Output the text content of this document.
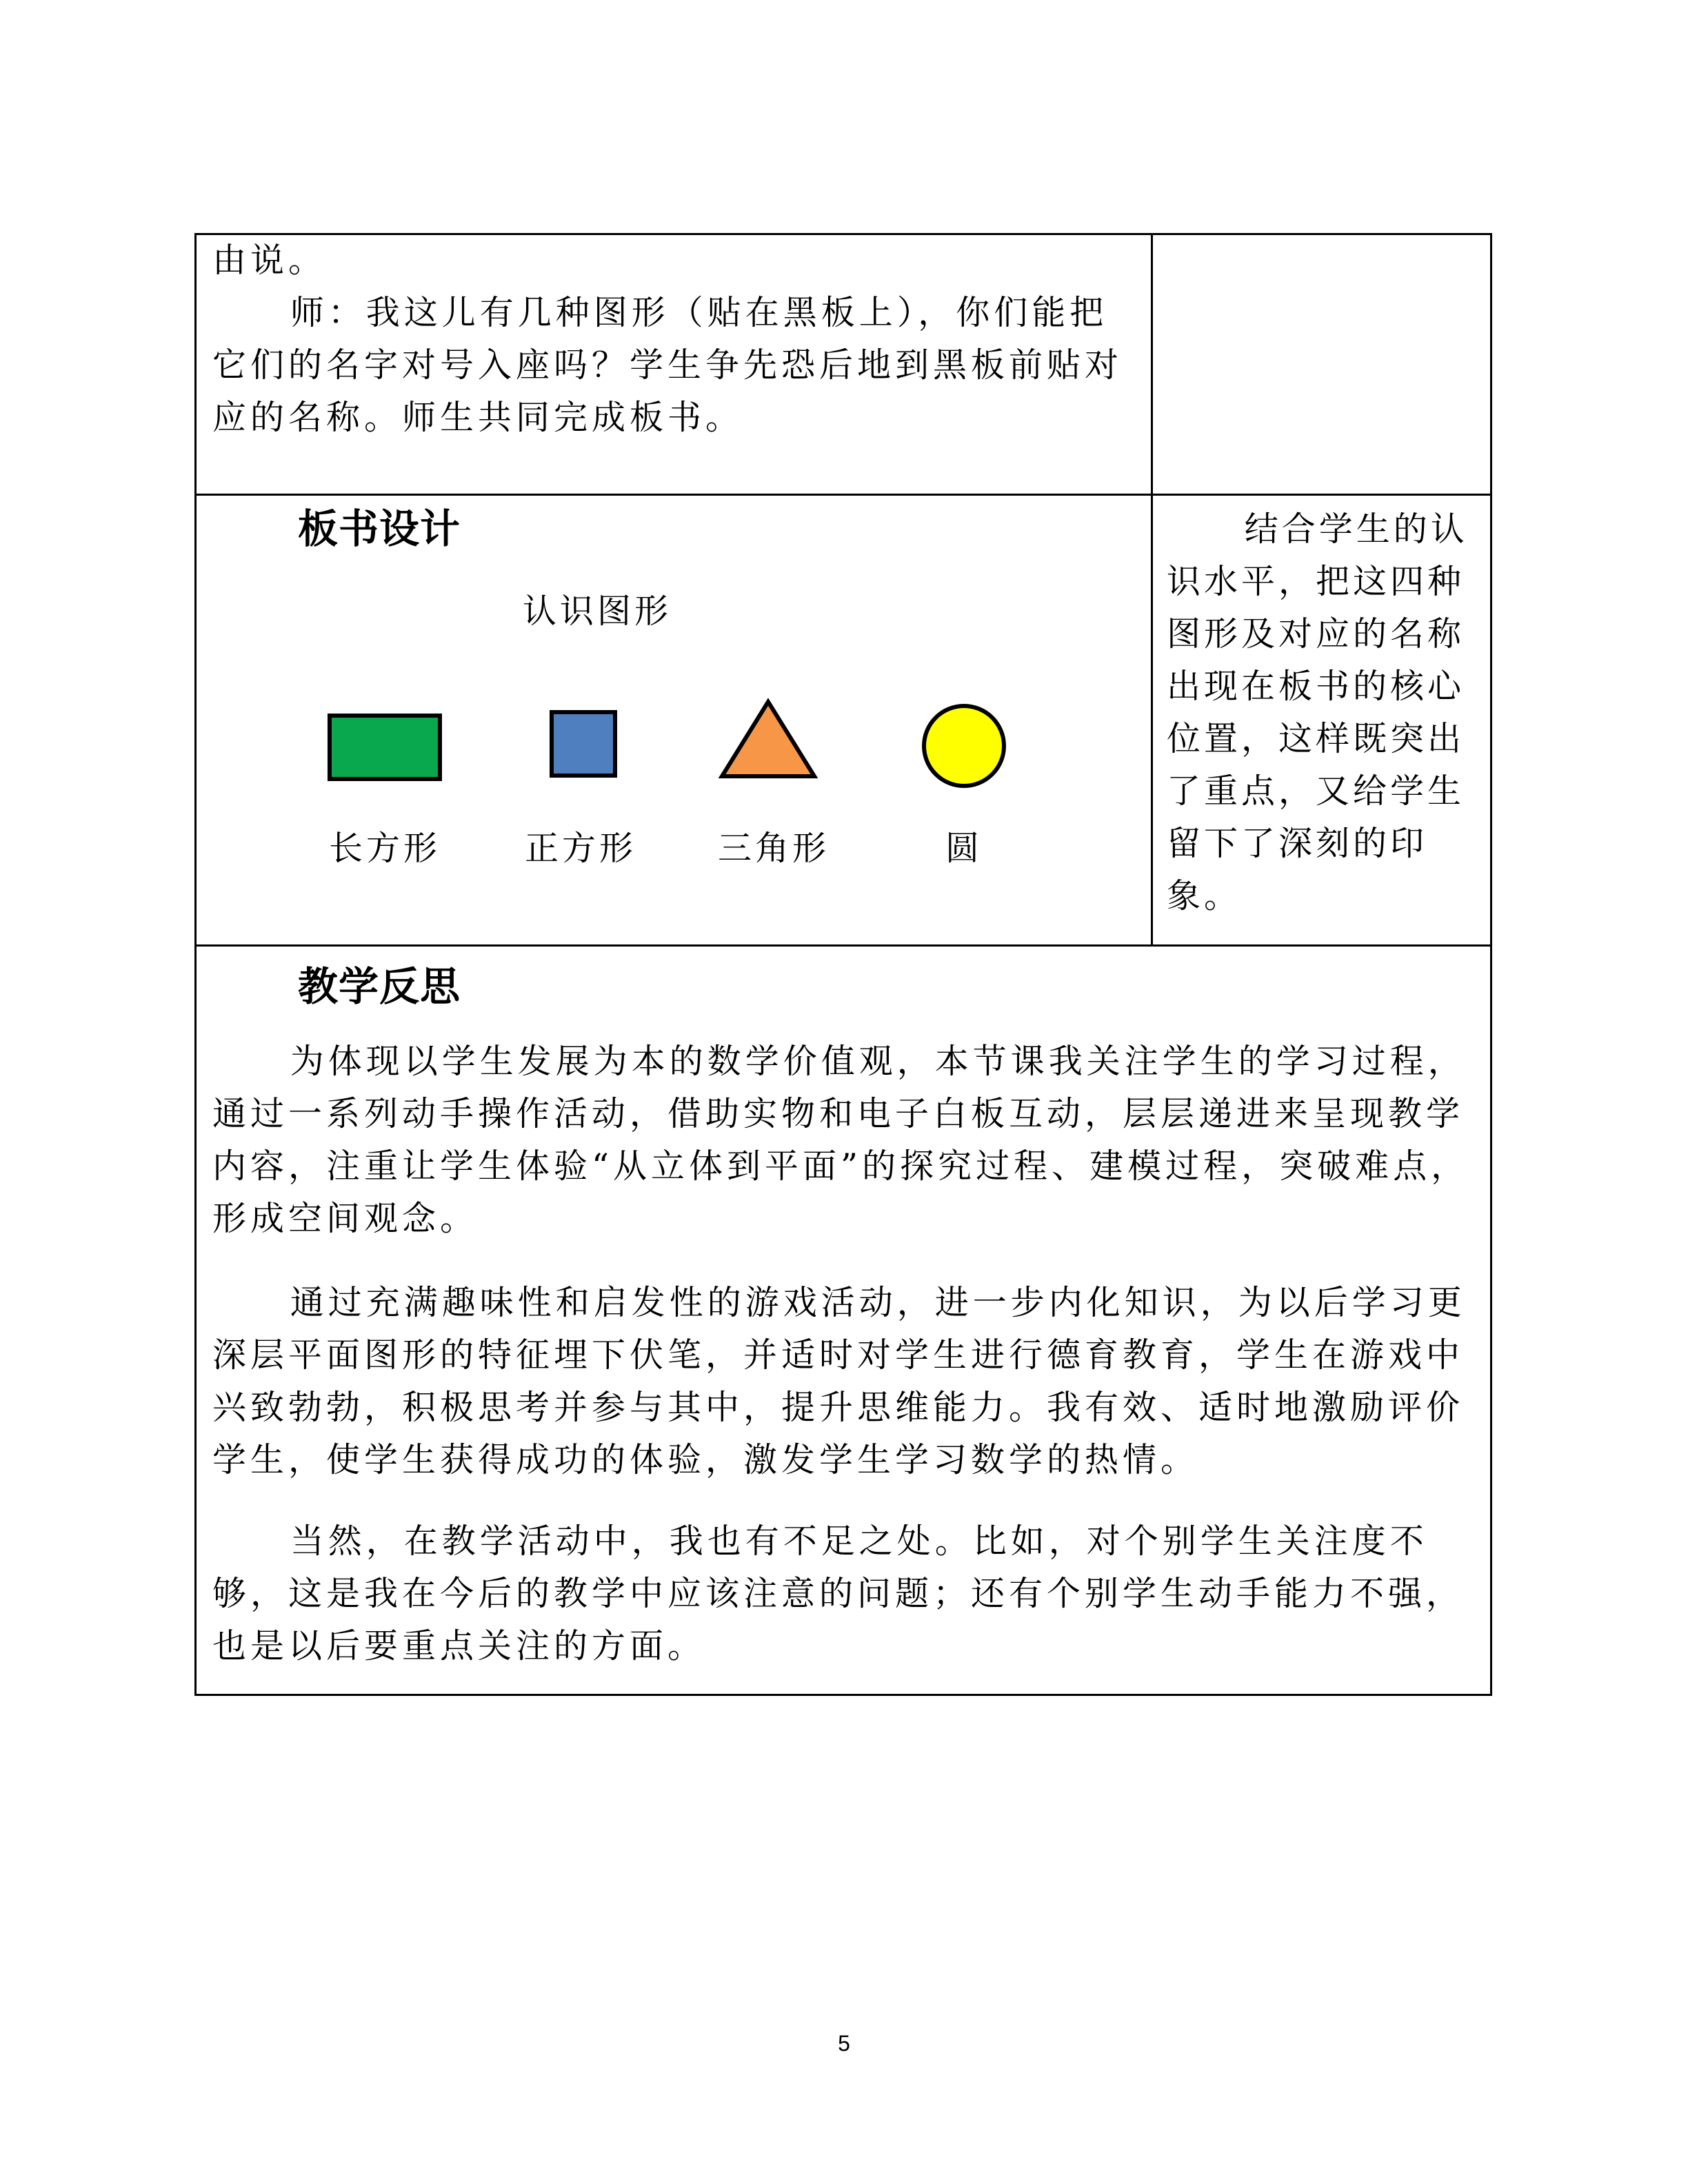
由说。

师：我这儿有几种图形（贴在黑板上），你们能把它们的名字对号入座吗？学生争先恐后地到黑板前贴对应的名称。师生共同完成板书。

板书设计
认识图形
长方形	正方形	三角形	圆

结合学生的认识水平，把这四种图形及对应的名称出现在板书的核心位置，这样既突出了重点，又给学生留下了深刻的印象。

教学反思

为体现以学生发展为本的数学价值观，本节课我关注学生的学习过程，通过一系列动手操作活动，借助实物和电子白板互动，层层递进来呈现教学内容，注重让学生体验“从立体到平面”的探究过程、建模过程，突破难点，形成空间观念。

通过充满趣味性和启发性的游戏活动，进一步内化知识，为以后学习更深层平面图形的特征埋下伏笔，并适时对学生进行德育教育，学生在游戏中兴致勃勃，积极思考并参与其中，提升思维能力。我有效、适时地激励评价学生，使学生获得成功的体验，激发学生学习数学的热情。

当然，在教学活动中，我也有不足之处。比如，对个别学生关注度不够，这是我在今后的教学中应该注意的问题；还有个别学生动手能力不强，也是以后要重点关注的方面。

5
